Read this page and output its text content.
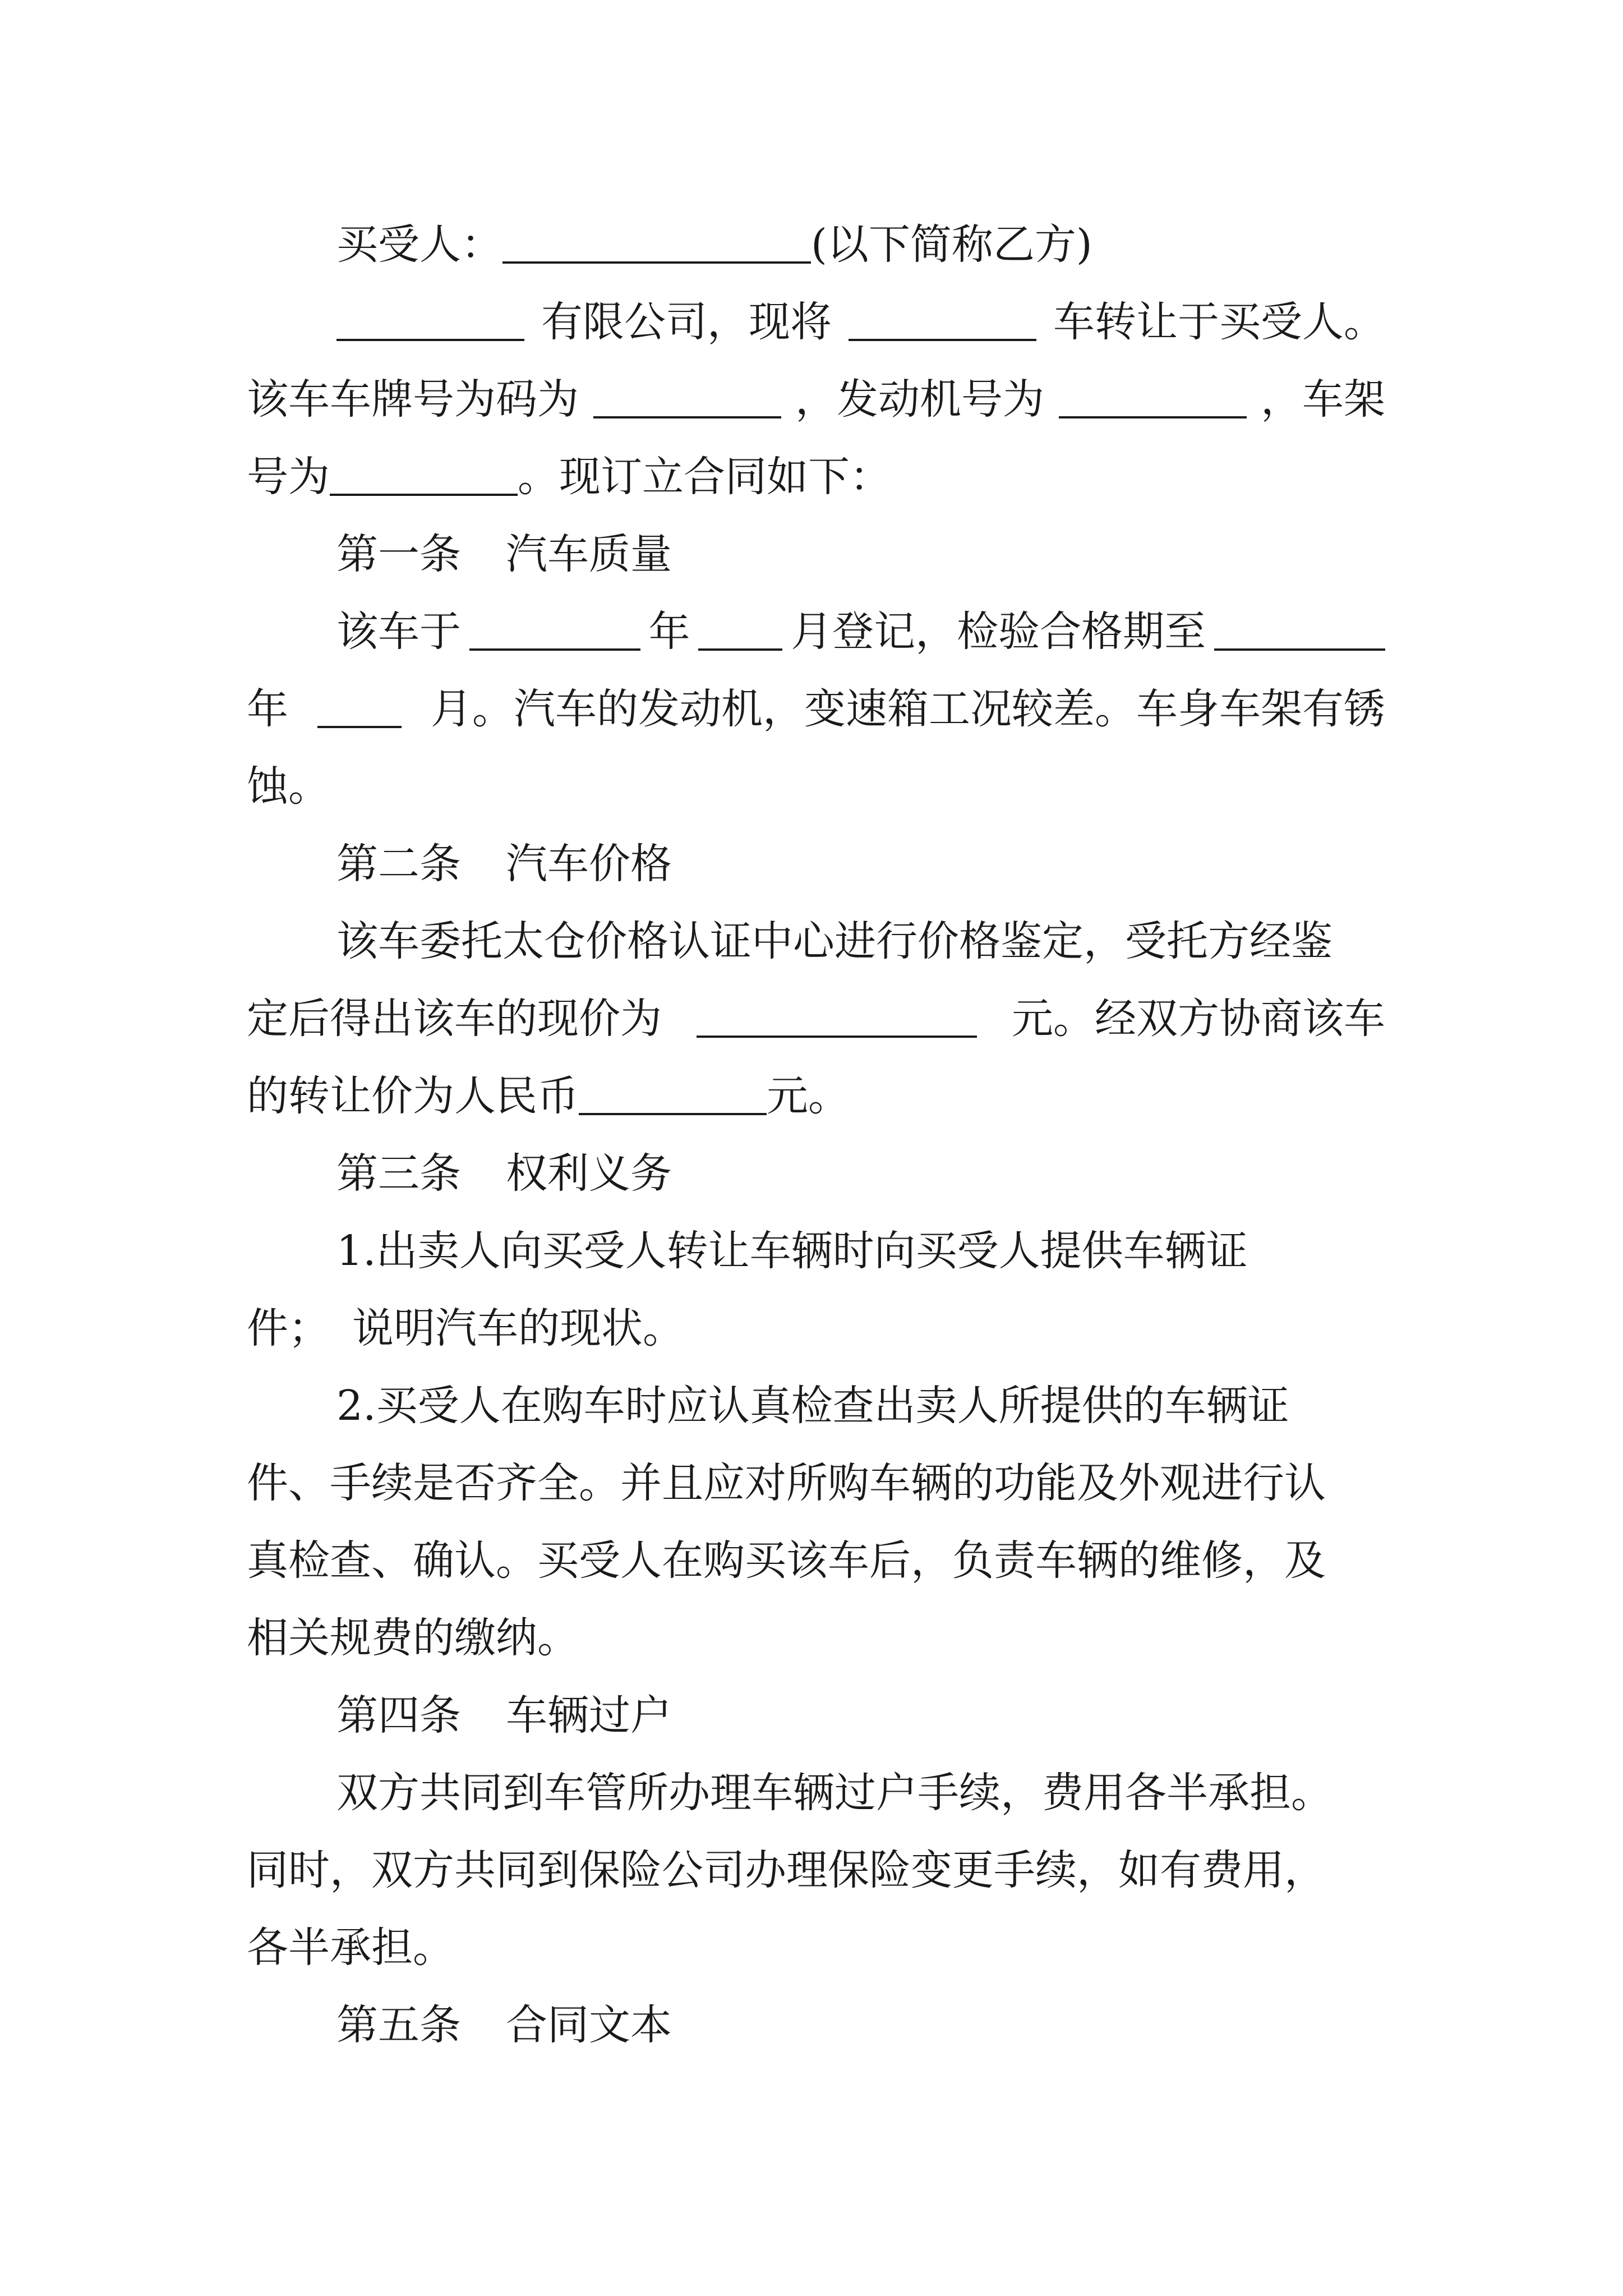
买受人：	(以下简称乙方)
有限公司，现将	车转让于买受人。
该车车牌号为码为	，发动机号为	，车架
号为	。现订立合同如下：
第一条 汽车质量
该车于	年 月登记，检验合格期至
年	月。汽车的发动机，变速箱工况较差。车身车架有锈
蚀。
第二条 汽车价格
该车委托太仓价格认证中心进行价格鉴定，受托方经鉴
定后得出该车的现价为	元。经双方协商该车
的转让价为人民币	元。
第三条 权利义务
1.出卖人向买受人转让车辆时向买受人提供车辆证
件； 说明汽车的现状。
2.买受人在购车时应认真检查出卖人所提供的车辆证
件、手续是否齐全。并且应对所购车辆的功能及外观进行认
真检查、确认。买受人在购买该车后，负责车辆的维修，及
相关规费的缴纳。
第四条 车辆过户
双方共同到车管所办理车辆过户手续，费用各半承担。
同时，双方共同到保险公司办理保险变更手续，如有费用，
各半承担。
第五条 合同文本
